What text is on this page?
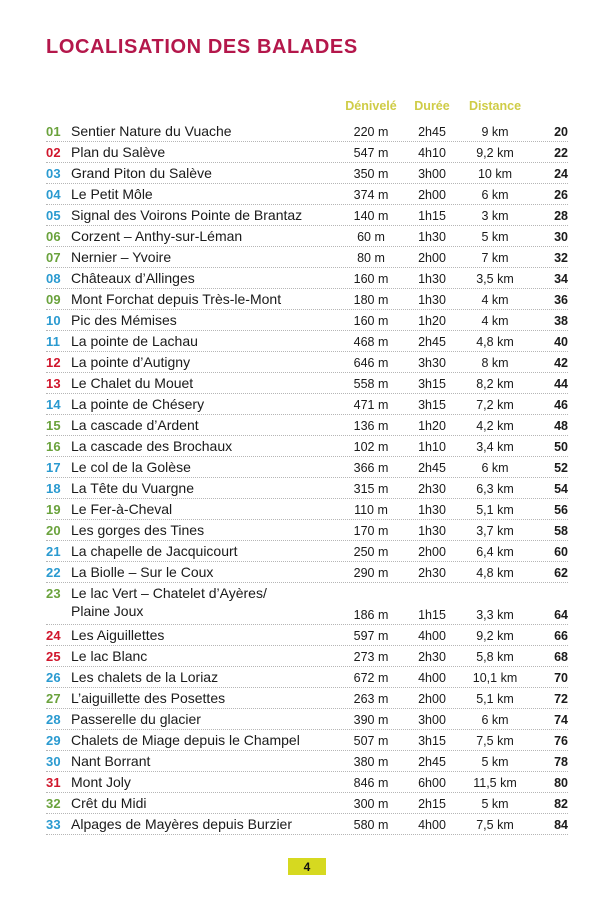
LOCALISATION DES BALADES
Dénivelé	Durée	Distance
01 Sentier Nature du Vuache	220 m	2h45	9 km	20
02 Plan du Salève	547 m	4h10	9,2 km	22
03 Grand Piton du Salève	350 m	3h00	10 km	24
04 Le Petit Môle	374 m	2h00	6 km	26
05 Signal des Voirons Pointe de Brantaz	140 m	1h15	3 km	28
06 Corzent – Anthy-sur-Léman	60 m	1h30	5 km	30
07 Nernier – Yvoire	80 m	2h00	7 km	32
08 Châteaux d’Allinges	160 m	1h30	3,5 km	34
09 Mont Forchat depuis Très-le-Mont	180 m	1h30	4 km	36
10 Pic des Mémises	160 m	1h20	4 km	38
11 La pointe de Lachau	468 m	2h45	4,8 km	40
12 La pointe d’Autigny	646 m	3h30	8 km	42
13 Le Chalet du Mouet	558 m	3h15	8,2 km	44
14 La pointe de Chésery	471 m	3h15	7,2 km	46
15 La cascade d’Ardent	136 m	1h20	4,2 km	48
16 La cascade des Brochaux	102 m	1h10	3,4 km	50
17 Le col de la Golèse	366 m	2h45	6 km	52
18 La Tête du Vuargne	315 m	2h30	6,3 km	54
19 Le Fer-à-Cheval	110 m	1h30	5,1 km	56
20 Les gorges des Tines	170 m	1h30	3,7 km	58
21 La chapelle de Jacquicourt	250 m	2h00	6,4 km	60
22 La Biolle – Sur le Coux	290 m	2h30	4,8 km	62
23 Le lac Vert – Chatelet d’Ayères/
Plaine Joux	186 m	1h15	3,3 km	64
24 Les Aiguillettes	597 m	4h00	9,2 km	66
25 Le lac Blanc	273 m	2h30	5,8 km	68
26 Les chalets de la Loriaz	672 m	4h00	10,1 km	70
27 L’aiguillette des Posettes	263 m	2h00	5,1 km	72
28 Passerelle du glacier	390 m	3h00	6 km	74
29 Chalets de Miage depuis le Champel	507 m	3h15	7,5 km	76
30 Nant Borrant	380 m	2h45	5 km	78
31 Mont Joly	846 m	6h00	11,5 km	80
32 Crêt du Midi	300 m	2h15	5 km	82
33 Alpages de Mayères depuis Burzier	580 m	4h00	7,5 km	84
4
